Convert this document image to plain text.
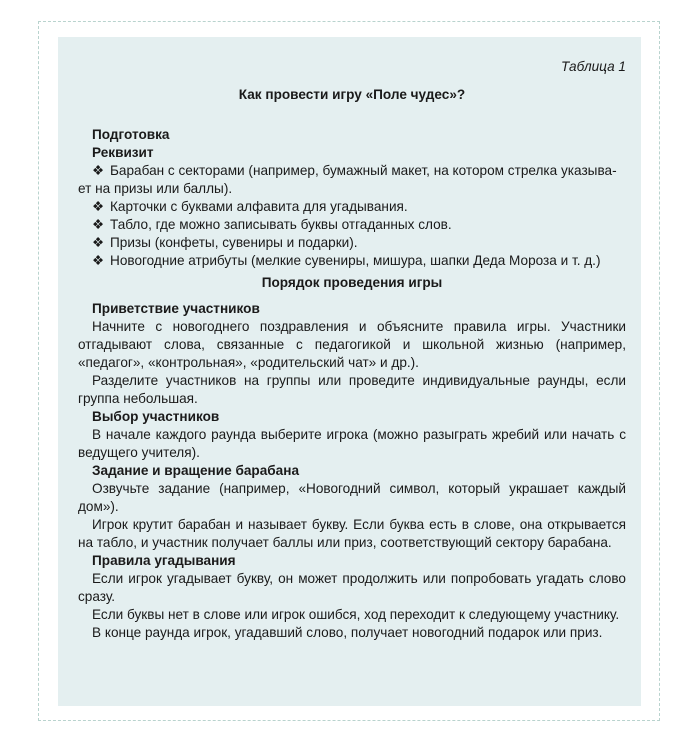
Таблица 1
Как провести игру «Поле чудес»?
Подготовка
Реквизит
❖ Барабан с секторами (например, бумажный макет, на котором стрелка указыва-
ет на призы или баллы).
❖ Карточки с буквами алфавита для угадывания.
❖ Табло, где можно записывать буквы отгаданных слов.
❖ Призы (конфеты, сувениры и подарки).
❖ Новогодние атрибуты (мелкие сувениры, мишура, шапки Деда Мороза и т. д.)
Порядок проведения игры
Приветствие участников
Начните с новогоднего поздравления и объясните правила игры. Участники отгадывают слова, связанные с педагогикой и школьной жизнью (например, «педагог», «контрольная», «родительский чат» и др.).
Разделите участников на группы или проведите индивидуальные раунды, если группа небольшая.
Выбор участников
В начале каждого раунда выберите игрока (можно разыграть жребий или начать с ведущего учителя).
Задание и вращение барабана
Озвучьте задание (например, «Новогодний символ, который украшает каждый дом»).
Игрок крутит барабан и называет букву. Если буква есть в слове, она открывается на табло, и участник получает баллы или приз, соответствующий сектору барабана.
Правила угадывания
Если игрок угадывает букву, он может продолжить или попробовать угадать слово сразу.
Если буквы нет в слове или игрок ошибся, ход переходит к следующему участнику.
В конце раунда игрок, угадавший слово, получает новогодний подарок или приз.
